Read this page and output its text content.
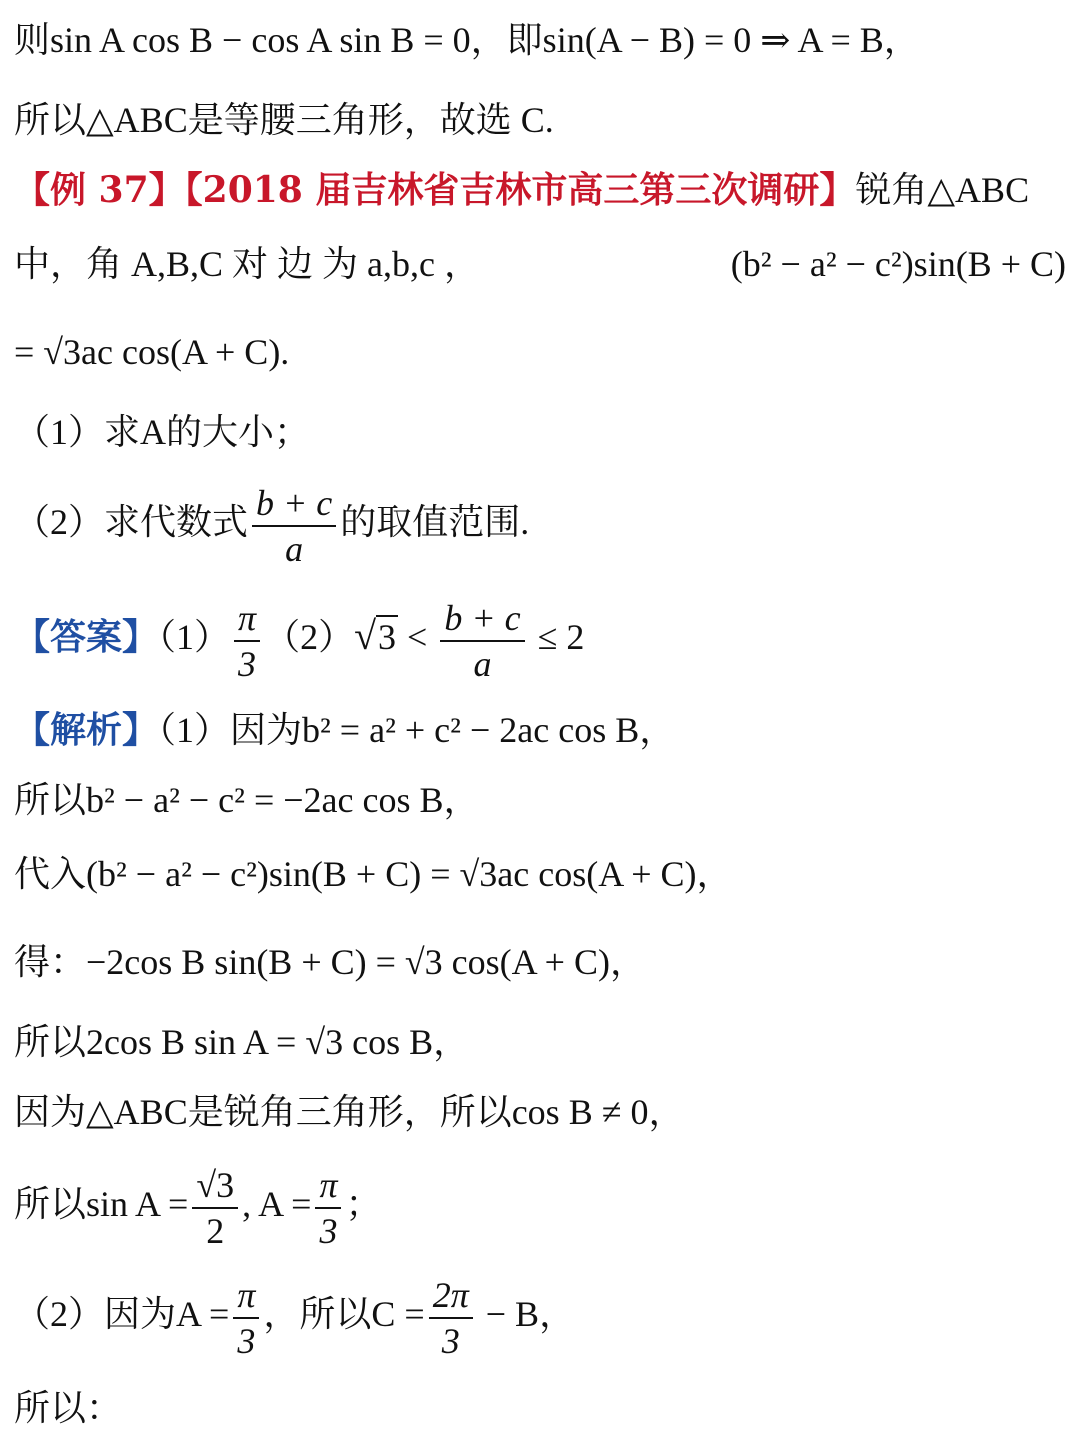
则sin A cos B − cos A sin B = 0，即sin(A − B) = 0 ⇒ A = B，
所以△ABC是等腰三角形，故选 C.
【例 37】【2018 届吉林省吉林市高三第三次调研】锐角△ABC
中，角 A,B,C 对 边 为 a,b,c ，	(b² − a² − c²)sin(B + C)
= √3ac cos(A + C).
（1）求A的大小；
（2）求代数式 $\frac{b + c}{a}$ 的取值范围.
【答案】$(1) \frac{\pi}{3} (2)√3 < \frac{b + c}{a} \le 2$
【解析】（1）因为b² = a² + c² − 2ac cos B，
所以b² − a² − c² = −2ac cos B，
代入(b² − a² − c²)sin(B + C) = √3ac cos(A + C)，
得：−2cos B sin(B + C) = √3 cos(A + C)，
所以2cos B sin A = √3 cos B，
因为△ABC是锐角三角形，所以cos B ≠ 0，
所以$\sin A = \frac{√3}{2}$ , $A = \frac{\pi}{3}$ ；
（2）因为$A = \frac{\pi}{3}$ ，所以$C = \frac{2\pi}{3} - B$，
所以：
